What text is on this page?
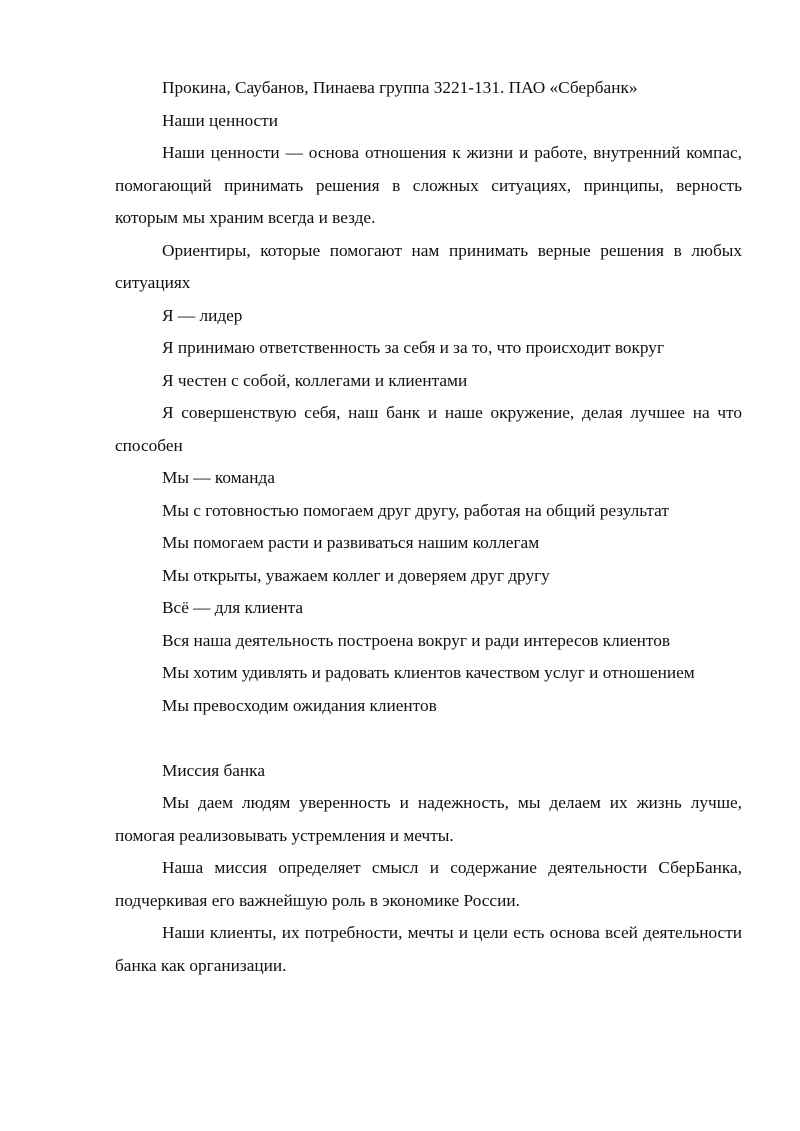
Прокина, Саубанов, Пинаева группа 3221-131. ПАО «Сбербанк»

Наши ценности

Наши ценности — основа отношения к жизни и работе, внутренний компас, помогающий принимать решения в сложных ситуациях, принципы, верность которым мы храним всегда и везде.

Ориентиры, которые помогают нам принимать верные решения в любых ситуациях

Я — лидер

Я принимаю ответственность за себя и за то, что происходит вокруг

Я честен с собой, коллегами и клиентами

Я совершенствую себя, наш банк и наше окружение, делая лучшее на что способен

Мы — команда

Мы с готовностью помогаем друг другу, работая на общий результат

Мы помогаем расти и развиваться нашим коллегам

Мы открыты, уважаем коллег и доверяем друг другу

Всё — для клиента

Вся наша деятельность построена вокруг и ради интересов клиентов

Мы хотим удивлять и радовать клиентов качеством услуг и отношением

Мы превосходим ожидания клиентов

Миссия банка

Мы даем людям уверенность и надежность, мы делаем их жизнь лучше, помогая реализовывать устремления и мечты.

Наша миссия определяет смысл и содержание деятельности СберБанка, подчеркивая его важнейшую роль в экономике России.

Наши клиенты, их потребности, мечты и цели есть основа всей деятельности банка как организации.
